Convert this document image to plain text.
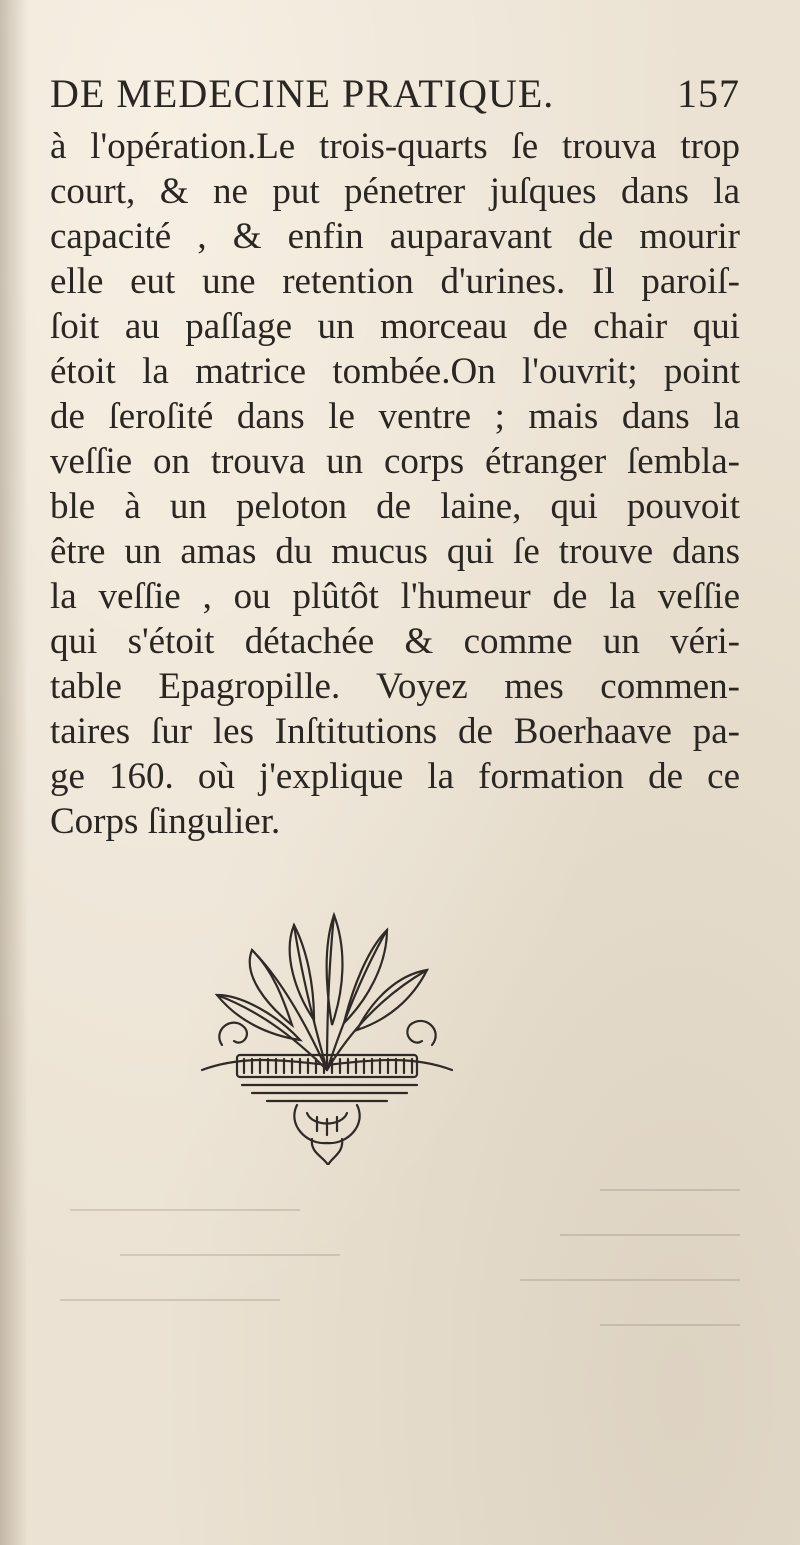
DE MEDECINE PRATIQUE.	157
à l'opération.Le trois-quarts ſe trouva trop
court, & ne put pénetrer juſques dans la
capacité , & enfin auparavant de mourir
elle eut une retention d'urines. Il paroiſ-
ſoit au paſſage un morceau de chair qui
étoit la matrice tombée.On l'ouvrit; point
de ſeroſité dans le ventre ; mais dans la
veſſie on trouva un corps étranger ſembla-
ble à un peloton de laine, qui pouvoit
être un amas du mucus qui ſe trouve dans
la veſſie , ou plûtôt l'humeur de la veſſie
qui s'étoit détachée & comme un véri-
table Epagropille. Voyez mes commen-
taires ſur les Inſtitutions de Boerhaave pa-
ge 160. où j'explique la formation de ce
Corps ſingulier.
